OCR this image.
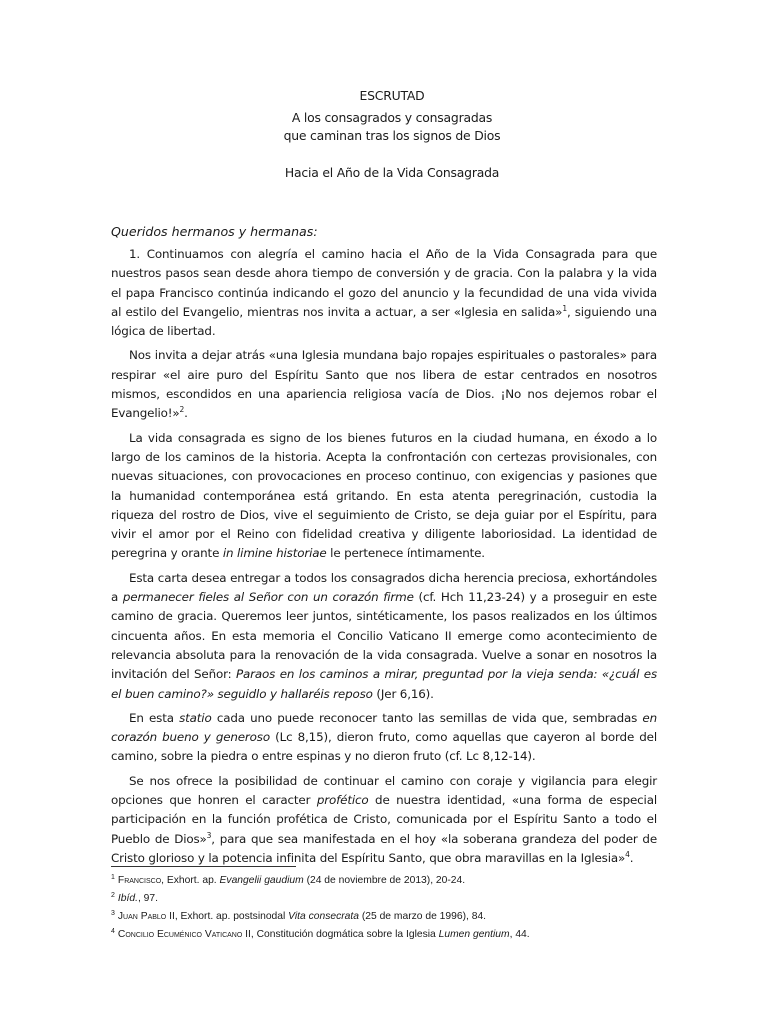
ESCRUTAD
A los consagrados y consagradas
que caminan tras los signos de Dios
Hacia el Año de la Vida Consagrada
Queridos hermanos y hermanas:

1. Continuamos con alegría el camino hacia el Año de la Vida Consagrada para que nuestros pasos sean desde ahora tiempo de conversión y de gracia. Con la palabra y la vida el papa Francisco continúa indicando el gozo del anuncio y la fecundidad de una vida vivida al estilo del Evangelio, mientras nos invita a actuar, a ser «Iglesia en salida»$^1$, siguiendo una lógica de libertad.

Nos invita a dejar atrás «una Iglesia mundana bajo ropajes espirituales o pastorales» para respirar «el aire puro del Espíritu Santo que nos libera de estar centrados en nosotros mismos, escondidos en una apariencia religiosa vacía de Dios. ¡No nos dejemos robar el Evangelio!»$^2$.

La vida consagrada es signo de los bienes futuros en la ciudad humana, en éxodo a lo largo de los caminos de la historia. Acepta la confrontación con certezas provisionales, con nuevas situaciones, con provocaciones en proceso continuo, con exigencias y pasiones que la humanidad contemporánea está gritando. En esta atenta peregrinación, custodia la riqueza del rostro de Dios, vive el seguimiento de Cristo, se deja guiar por el Espíritu, para vivir el amor por el Reino con fidelidad creativa y diligente laboriosidad. La identidad de peregrina y orante in limine historiae le pertenece íntimamente.

Esta carta desea entregar a todos los consagrados dicha herencia preciosa, exhortándoles a permanecer fieles al Señor con un corazón firme (cf. Hch 11,23-24) y a proseguir en este camino de gracia. Queremos leer juntos, sintéticamente, los pasos realizados en los últimos cincuenta años. En esta memoria el Concilio Vaticano II emerge como acontecimiento de relevancia absoluta para la renovación de la vida consagrada. Vuelve a sonar en nosotros la invitación del Señor: Paraos en los caminos a mirar, preguntad por la vieja senda: «¿cuál es el buen camino?» seguidlo y hallaréis reposo (Jer 6,16).

En esta statio cada uno puede reconocer tanto las semillas de vida que, sembradas en corazón bueno y generoso (Lc 8,15), dieron fruto, como aquellas que cayeron al borde del camino, sobre la piedra o entre espinas y no dieron fruto (cf. Lc 8,12-14).

Se nos ofrece la posibilidad de continuar el camino con coraje y vigilancia para elegir opciones que honren el caracter profético de nuestra identidad, «una forma de especial participación en la función profética de Cristo, comunicada por el Espíritu Santo a todo el Pueblo de Dios»$^3$, para que sea manifestada en el hoy «la soberana grandeza del poder de Cristo glorioso y la potencia infinita del Espíritu Santo, que obra maravillas en la Iglesia»$^4$.

$^1$ Francisco, Exhort. ap. Evangelii gaudium (24 de noviembre de 2013), 20-24.
$^2$ Ibíd., 97.
$^3$ Juan Pablo II, Exhort. ap. postsinodal Vita consecrata (25 de marzo de 1996), 84.
$^4$ Concilio Ecuménico Vaticano II, Constitución dogmática sobre la Iglesia Lumen gentium, 44.
